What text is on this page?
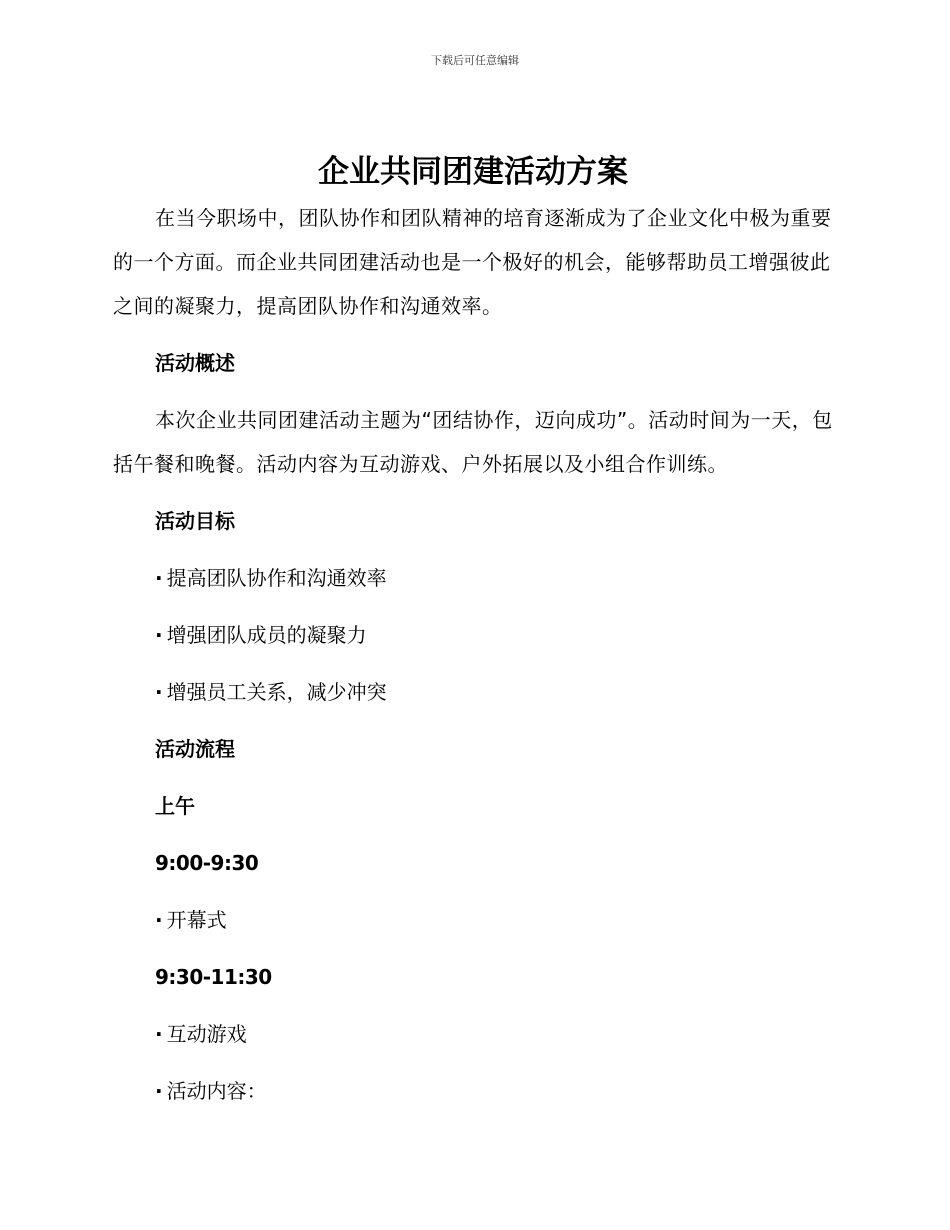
下载后可任意编辑
企业共同团建活动方案

在当今职场中，团队协作和团队精神的培育逐渐成为了企业文化中极为重要的一个方面。而企业共同团建活动也是一个极好的机会，能够帮助员工增强彼此之间的凝聚力，提高团队协作和沟通效率。

活动概述

本次企业共同团建活动主题为“团结协作，迈向成功”。活动时间为一天，包括午餐和晚餐。活动内容为互动游戏、户外拓展以及小组合作训练。

活动目标
· 提高团队协作和沟通效率
· 增强团队成员的凝聚力
· 增强员工关系，减少冲突
活动流程
上午
9:00-9:30
· 开幕式
9:30-11:30
· 互动游戏
· 活动内容：
